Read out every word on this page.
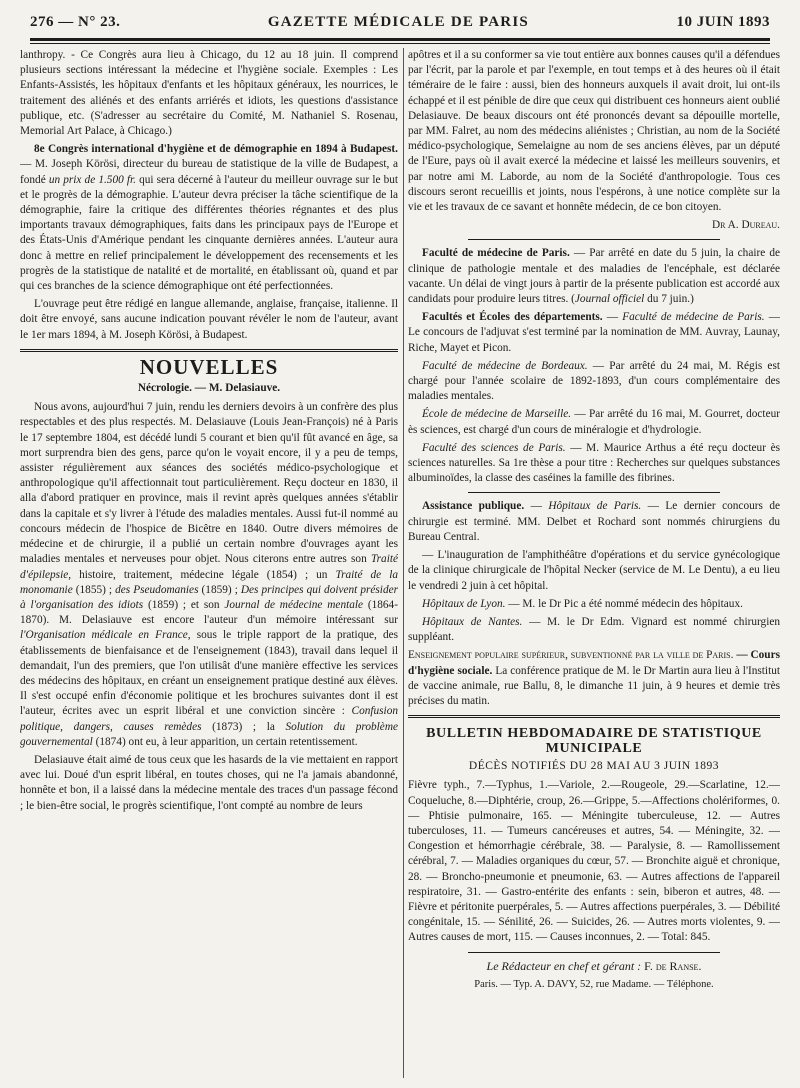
276 — N° 23.	GAZETTE MÉDICALE DE PARIS	10 JUIN 1893

lanthropy. - Ce Congrès aura lieu à Chicago, du 12 au 18 juin. Il comprend plusieurs sections intéressant la médecine et l'hygiène sociale. Exemples : Les Enfants-Assistés, les hôpitaux d'enfants et les hôpitaux généraux, les nourrices, le traitement des aliénés et des enfants arriérés et idiots, les questions d'assistance publique, etc. (S'adresser au secrétaire du Comité, M. Nathaniel S. Rosenau, Memorial Art Palace, à Chicago.)

8e Congrès international d'hygiène et de démographie en 1894 à Budapest. — M. Joseph Körösi, directeur du bureau de statistique de la ville de Budapest, a fondé un prix de 1.500 fr. qui sera décerné à l'auteur du meilleur ouvrage sur le but et le progrès de la démographie. L'auteur devra préciser la tâche scientifique de la démographie, faire la critique des différentes théories régnantes et des plus importants travaux démographiques, faits dans les principaux pays de l'Europe et des États-Unis d'Amérique pendant les cinquante dernières années. L'auteur aura donc à mettre en relief principalement le développement des recensements et les progrès de la statistique de natalité et de mortalité, en établissant où, quand et par qui ces branches de la science démographique ont été perfectionnées.

L'ouvrage peut être rédigé en langue allemande, anglaise, française, italienne. Il doit être envoyé, sans aucune indication pouvant révéler le nom de l'auteur, avant le 1er mars 1894, à M. Joseph Körösi, à Budapest.

NOUVELLES
Nécrologie. — M. Delasiauve.

Nous avons, aujourd'hui 7 juin, rendu les derniers devoirs à un confrère des plus respectables et des plus respectés. M. Delasiauve (Louis Jean-François) né à Paris le 17 septembre 1804, est décédé lundi 5 courant et bien qu'il fût avancé en âge, sa mort surprendra bien des gens, parce qu'on le voyait encore, il y a peu de temps, assister régulièrement aux séances des sociétés médico-psychologique et anthropologique qu'il affectionnait tout particulièrement. Reçu docteur en 1830, il alla d'abord pratiquer en province, mais il revint après quelques années s'établir dans la capitale et s'y livrer à l'étude des maladies mentales. Aussi fut-il nommé au concours médecin de l'hospice de Bicêtre en 1840. Outre divers mémoires de médecine et de chirurgie, il a publié un certain nombre d'ouvrages ayant les maladies mentales et nerveuses pour objet. Nous citerons entre autres son Traité d'épilepsie, histoire, traitement, médecine légale (1854) ; un Traité de la monomanie (1855) ; des Pseudomanies (1859) ; Des principes qui doivent présider à l'organisation des idiots (1859) ; et son Journal de médecine mentale (1864-1870). M. Delasiauve est encore l'auteur d'un mémoire intéressant sur l'Organisation médicale en France, sous le triple rapport de la pratique, des établissements de bienfaisance et de l'enseignement (1843), travail dans lequel il demandait, l'un des premiers, que l'on utilisât d'une manière effective les services des médecins des hôpitaux, en créant un enseignement pratique destiné aux élèves. Il s'est occupé enfin d'économie politique et les brochures suivantes dont il est l'auteur, écrites avec un esprit libéral et une conviction sincère : Confusion politique, dangers, causes remèdes (1873) ; la Solution du problème gouvernemental (1874) ont eu, à leur apparition, un certain retentissement.

Delasiauve était aimé de tous ceux que les hasards de la vie mettaient en rapport avec lui. Doué d'un esprit libéral, en toutes choses, qui ne l'a jamais abandonné, honnête et bon, il a laissé dans la médecine mentale des traces d'un passage fécond ; le bien-être social, le progrès scientifique, l'ont compté au nombre de leurs

apôtres et il a su conformer sa vie tout entière aux bonnes causes qu'il a défendues par l'écrit, par la parole et par l'exemple, en tout temps et à des heures où il était téméraire de le faire : aussi, bien des honneurs auxquels il avait droit, lui ont-ils échappé et il est pénible de dire que ceux qui distribuent ces honneurs aient oublié Delasiauve. De beaux discours ont été prononcés devant sa dépouille mortelle, par MM. Falret, au nom des médecins aliénistes ; Christian, au nom de la Société médico-psychologique, Semelaigne au nom de ses anciens élèves, par un député de l'Eure, pays où il avait exercé la médecine et laissé les meilleurs souvenirs, et par notre ami M. Laborde, au nom de la Société d'anthropologie. Tous ces discours seront recueillis et joints, nous l'espérons, à une notice complète sur la vie et les travaux de ce savant et honnête médecin, de ce bon citoyen.

Dr A. Dureau.

Faculté de médecine de Paris. — Par arrêté en date du 5 juin, la chaire de clinique de pathologie mentale et des maladies de l'encéphale, est déclarée vacante. Un délai de vingt jours à partir de la présente publication est accordé aux candidats pour produire leurs titres. (Journal officiel du 7 juin.)

Facultés et Écoles des départements. — Faculté de médecine de Paris. — Le concours de l'adjuvat s'est terminé par la nomination de MM. Auvray, Launay, Riche, Mayet et Picon.

Faculté de médecine de Bordeaux. — Par arrêté du 24 mai, M. Régis est chargé pour l'année scolaire de 1892-1893, d'un cours complémentaire des maladies mentales.

École de médecine de Marseille. — Par arrêté du 16 mai, M. Gourret, docteur ès sciences, est chargé d'un cours de minéralogie et d'hydrologie.

Faculté des sciences de Paris. — M. Maurice Arthus a été reçu docteur ès sciences naturelles. Sa 1re thèse a pour titre : Recherches sur quelques substances albuminoïdes, la classe des caséines la famille des fibrines.

Assistance publique. — Hôpitaux de Paris. — Le dernier concours de chirurgie est terminé. MM. Delbet et Rochard sont nommés chirurgiens du Bureau Central.

— L'inauguration de l'amphithéâtre d'opérations et du service gynécologique de la clinique chirurgicale de l'hôpital Necker (service de M. Le Dentu), a eu lieu le vendredi 2 juin à cet hôpital.

Hôpitaux de Lyon. — M. le Dr Pic a été nommé médecin des hôpitaux.

Hôpitaux de Nantes. — M. le Dr Edm. Vignard est nommé chirurgien suppléant.

Enseignement populaire supérieur, subventionné par la ville de Paris. — Cours d'hygiène sociale. La conférence pratique de M. le Dr Martin aura lieu à l'Institut de vaccine animale, rue Ballu, 8, le dimanche 11 juin, à 9 heures et demie très précises du matin.

BULLETIN HEBDOMADAIRE DE STATISTIQUE MUNICIPALE
DÉCÈS NOTIFIÉS DU 28 MAI AU 3 JUIN 1893

Fièvre typh., 7.—Typhus, 1.—Variole, 2.—Rougeole, 29.—Scarlatine, 12.—Coqueluche, 8.—Diphtérie, croup, 26.—Grippe, 5.—Affections cholériformes, 0. — Phtisie pulmonaire, 165. — Méningite tuberculeuse, 12. — Autres tuberculoses, 11. — Tumeurs cancéreuses et autres, 54. — Méningite, 32. — Congestion et hémorrhagie cérébrale, 38. — Paralysie, 8. — Ramollissement cérébral, 7. — Maladies organiques du cœur, 57. — Bronchite aiguë et chronique, 28. — Broncho-pneumonie et pneumonie, 63. — Autres affections de l'appareil respiratoire, 31. — Gastro-entérite des enfants : sein, biberon et autres, 48. — Fièvre et péritonite puerpérales, 5. — Autres affections puerpérales, 3. — Débilité congénitale, 15. — Sénilité, 26. — Suicides, 26. — Autres morts violentes, 9. — Autres causes de mort, 115. — Causes inconnues, 2. — Total: 845.

Le Rédacteur en chef et gérant : F. de Ranse.
Paris. — Typ. A. DAVY, 52, rue Madame. — Téléphone.
